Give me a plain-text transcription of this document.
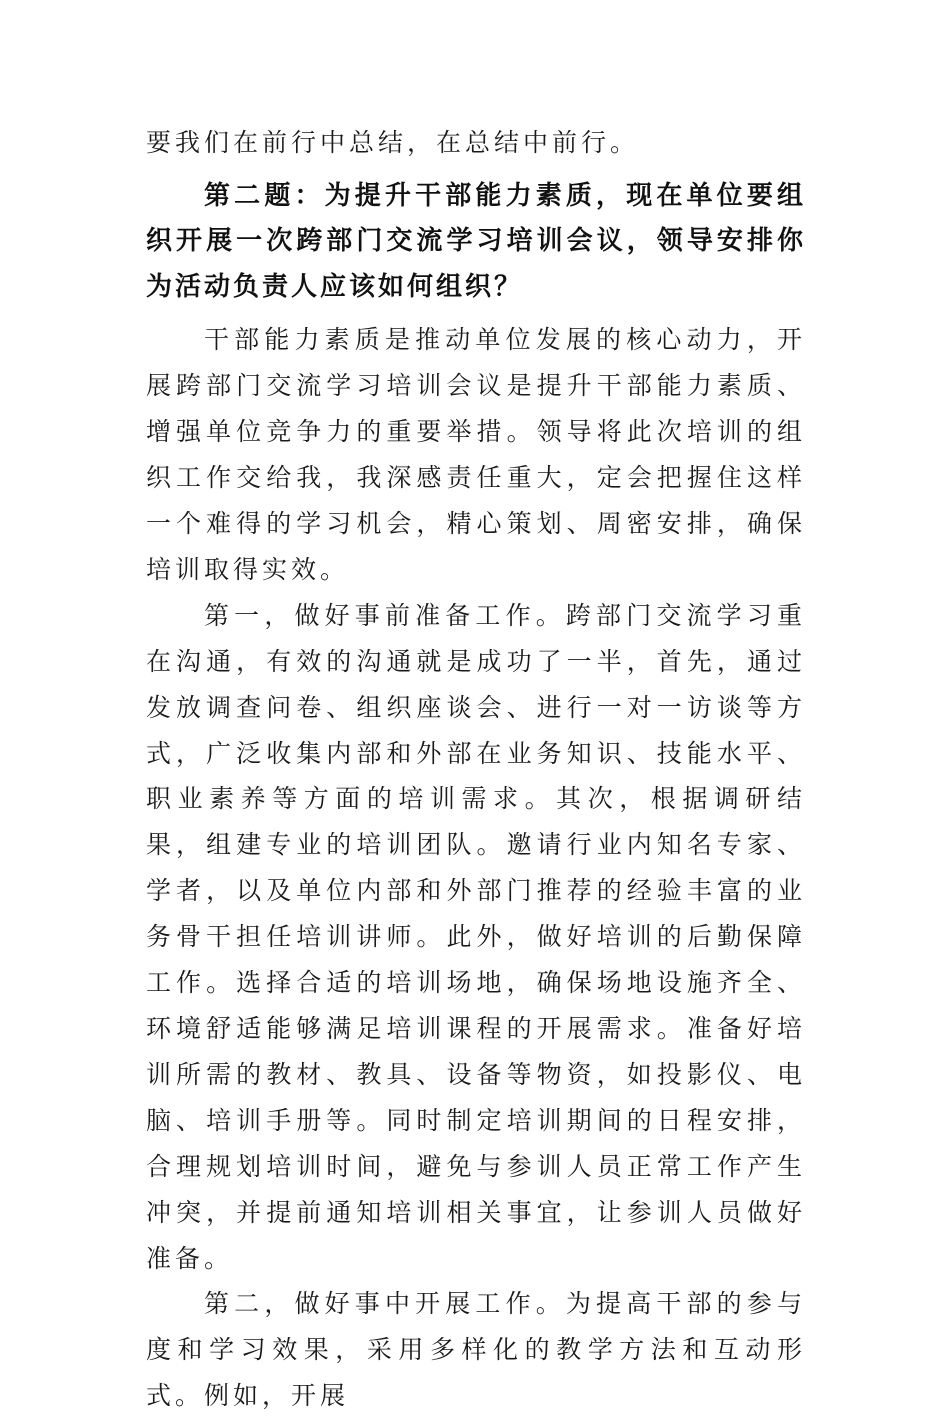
要我们在前行中总结，在总结中前行。

第二题：为提升干部能力素质，现在单位要组织开展一次跨部门交流学习培训会议，领导安排你为活动负责人应该如何组织？

干部能力素质是推动单位发展的核心动力，开展跨部门交流学习培训会议是提升干部能力素质、增强单位竞争力的重要举措。领导将此次培训的组织工作交给我，我深感责任重大，定会把握住这样一个难得的学习机会，精心策划、周密安排，确保培训取得实效。

第一，做好事前准备工作。跨部门交流学习重在沟通，有效的沟通就是成功了一半，首先，通过发放调查问卷、组织座谈会、进行一对一访谈等方式，广泛收集内部和外部在业务知识、技能水平、职业素养等方面的培训需求。其次，根据调研结果，组建专业的培训团队。邀请行业内知名专家、学者，以及单位内部和外部门推荐的经验丰富的业务骨干担任培训讲师。此外，做好培训的后勤保障工作。选择合适的培训场地，确保场地设施齐全、环境舒适能够满足培训课程的开展需求。准备好培训所需的教材、教具、设备等物资，如投影仪、电脑、培训手册等。同时制定培训期间的日程安排，合理规划培训时间，避免与参训人员正常工作产生冲突，并提前通知培训相关事宜，让参训人员做好准备。

第二，做好事中开展工作。为提高干部的参与度和学习效果，采用多样化的教学方法和互动形式。例如，开展
